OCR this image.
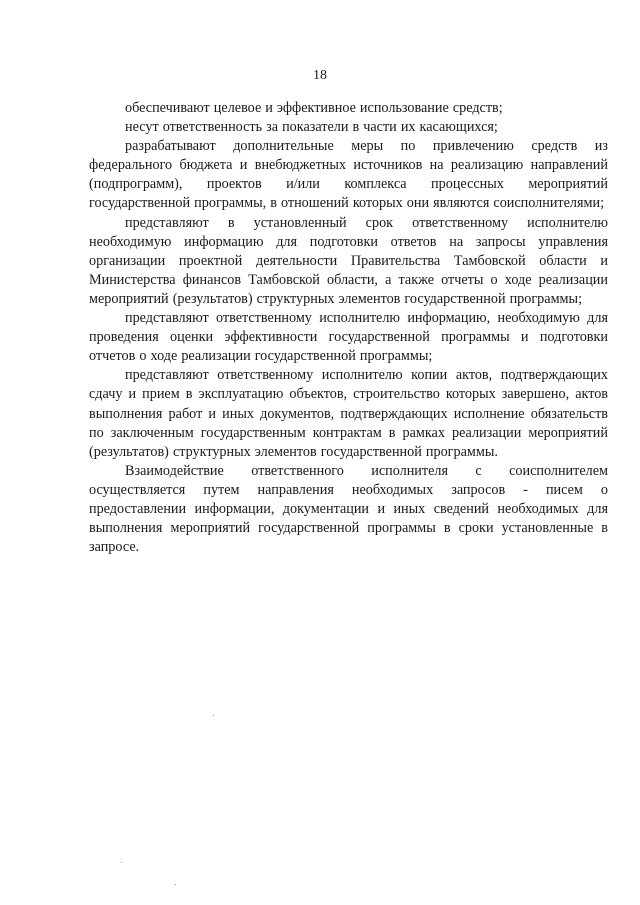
18

обеспечивают целевое и эффективное использование средств;

несут ответственность за показатели в части их касающихся;

разрабатывают дополнительные меры по привлечению средств из федерального бюджета и внебюджетных источников на реализацию направлений (подпрограмм), проектов и/или комплекса процессных мероприятий государственной программы, в отношений которых они являются соисполнителями;

представляют в установленный срок ответственному исполнителю необходимую информацию для подготовки ответов на запросы управления организации проектной деятельности Правительства Тамбовской области и Министерства финансов Тамбовской области, а также отчеты о ходе реализации мероприятий (результатов) структурных элементов государственной программы;

представляют ответственному исполнителю информацию, необходимую для проведения оценки эффективности государственной программы и подготовки отчетов о ходе реализации государственной программы;

представляют ответственному исполнителю копии актов, подтверждающих сдачу и прием в эксплуатацию объектов, строительство которых завершено, актов выполнения работ и иных документов, подтверждающих исполнение обязательств по заключенным государственным контрактам в рамках реализации мероприятий (результатов) структурных элементов государственной программы.

Взаимодействие ответственного исполнителя с соисполнителем осуществляется путем направления необходимых запросов - писем о предоставлении информации, документации и иных сведений необходимых для выполнения мероприятий государственной программы в сроки установленные в запросе.
